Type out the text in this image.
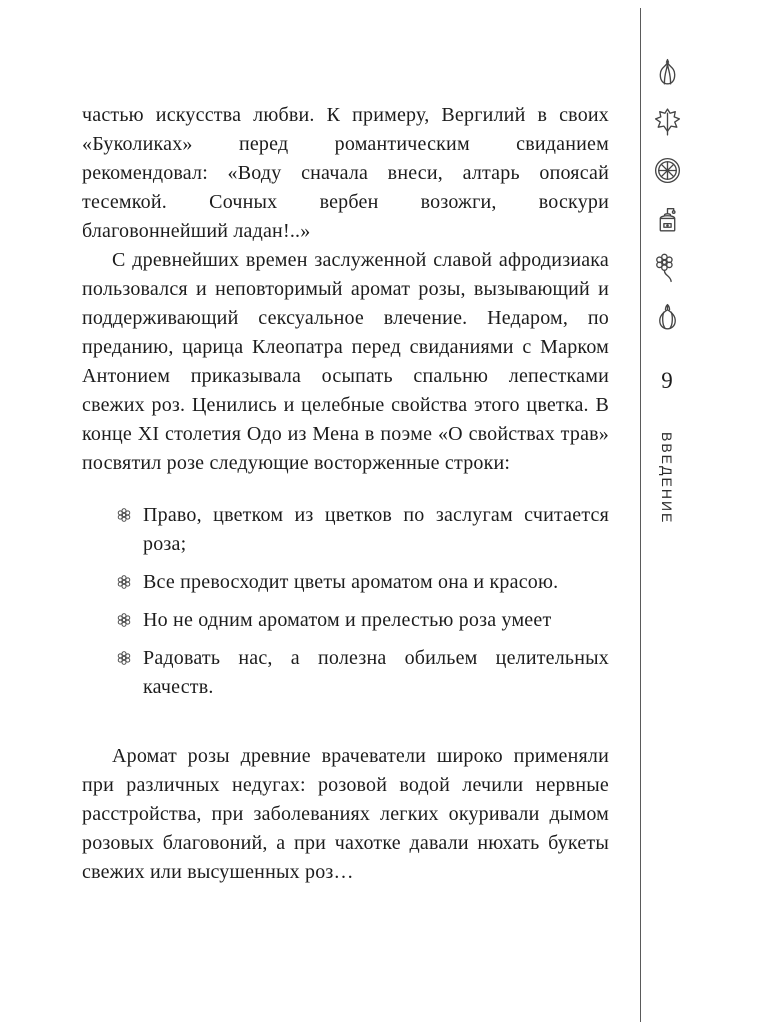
частью искусства любви. К примеру, Вергилий в своих «Буколиках» перед романтическим свиданием рекомендовал: «Воду сначала внеси, алтарь опоясай тесемкой. Сочных вербен возожги, воскури благовоннейший ладан!..»

С древнейших времен заслуженной славой афродизиака пользовался и неповторимый аромат розы, вызывающий и поддерживающий сексуальное влечение. Недаром, по преданию, царица Клеопатра перед свиданиями с Марком Антонием приказывала осыпать спальню лепестками свежих роз. Ценились и целебные свойства этого цветка. В конце XI столетия Одо из Мена в поэме «О свойствах трав» посвятил розе следующие восторженные строки:

Право, цветком из цветков по заслугам считается роза;
Все превосходит цветы ароматом она и красою.
Но не одним ароматом и прелестью роза умеет
Радовать нас, а полезна обильем целительных качеств.

Аромат розы древние врачеватели широко применяли при различных недугах: розовой водой лечили нервные расстройства, при заболеваниях легких окуривали дымом розовых благовоний, а при чахотке давали нюхать букеты свежих или высушенных роз…

9
ВВЕДЕНИЕ
